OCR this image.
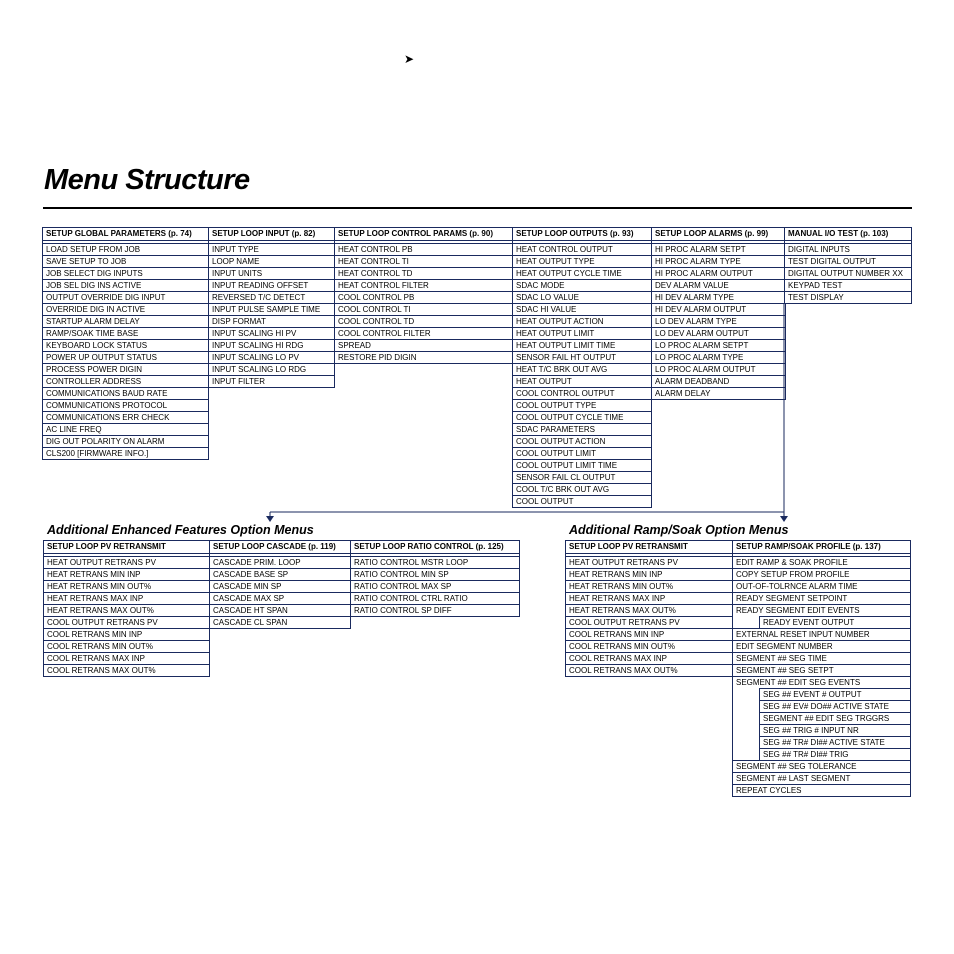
➤
Menu Structure
SETUP GLOBAL PARAMETERS (p. 74)
LOAD SETUP FROM JOB
SAVE SETUP TO JOB
JOB SELECT DIG INPUTS
JOB SEL DIG INS ACTIVE
OUTPUT OVERRIDE DIG INPUT
OVERRIDE DIG IN ACTIVE
STARTUP ALARM DELAY
RAMP/SOAK TIME BASE
KEYBOARD LOCK STATUS
POWER UP OUTPUT STATUS
PROCESS POWER DIGIN
CONTROLLER ADDRESS
COMMUNICATIONS BAUD RATE
COMMUNICATIONS PROTOCOL
COMMUNICATIONS ERR CHECK
AC LINE FREQ
DIG OUT POLARITY ON ALARM
CLS200 [FIRMWARE INFO.]
SETUP LOOP INPUT (p. 82)
INPUT TYPE
LOOP NAME
INPUT UNITS
INPUT READING OFFSET
REVERSED T/C DETECT
INPUT PULSE SAMPLE TIME
DISP FORMAT
INPUT SCALING HI PV
INPUT SCALING HI RDG
INPUT SCALING LO PV
INPUT SCALING LO RDG
INPUT FILTER
SETUP LOOP CONTROL PARAMS (p. 90)
HEAT CONTROL PB
HEAT CONTROL TI
HEAT CONTROL TD
HEAT CONTROL FILTER
COOL CONTROL PB
COOL CONTROL TI
COOL CONTROL TD
COOL CONTROL FILTER
SPREAD
RESTORE PID DIGIN
SETUP LOOP OUTPUTS (p. 93)
HEAT CONTROL OUTPUT
HEAT OUTPUT TYPE
HEAT OUTPUT CYCLE TIME
SDAC MODE
SDAC LO VALUE
SDAC HI VALUE
HEAT OUTPUT ACTION
HEAT OUTPUT LIMIT
HEAT OUTPUT LIMIT TIME
SENSOR FAIL HT OUTPUT
HEAT T/C BRK OUT AVG
HEAT OUTPUT
COOL CONTROL OUTPUT
COOL OUTPUT TYPE
COOL OUTPUT CYCLE TIME
SDAC PARAMETERS
COOL OUTPUT ACTION
COOL OUTPUT LIMIT
COOL OUTPUT LIMIT TIME
SENSOR FAIL CL OUTPUT
COOL T/C BRK OUT AVG
COOL OUTPUT
SETUP LOOP ALARMS (p. 99)
HI PROC ALARM SETPT
HI PROC ALARM TYPE
HI PROC ALARM OUTPUT
DEV ALARM VALUE
HI DEV ALARM TYPE
HI DEV ALARM OUTPUT
LO DEV ALARM TYPE
LO DEV ALARM OUTPUT
LO PROC ALARM SETPT
LO PROC ALARM TYPE
LO PROC ALARM OUTPUT
ALARM DEADBAND
ALARM DELAY
MANUAL I/O TEST (p. 103)
DIGITAL INPUTS
TEST DIGITAL OUTPUT
DIGITAL OUTPUT NUMBER XX
KEYPAD TEST
TEST DISPLAY
Additional Enhanced Features Option Menus
SETUP LOOP PV RETRANSMIT
HEAT OUTPUT RETRANS PV
HEAT RETRANS MIN INP
HEAT RETRANS MIN OUT%
HEAT RETRANS MAX INP
HEAT RETRANS MAX OUT%
COOL OUTPUT RETRANS PV
COOL RETRANS MIN INP
COOL RETRANS MIN OUT%
COOL RETRANS MAX INP
COOL RETRANS MAX OUT%
SETUP LOOP CASCADE (p. 119)
CASCADE PRIM. LOOP
CASCADE BASE SP
CASCADE MIN SP
CASCADE MAX SP
CASCADE HT SPAN
CASCADE CL SPAN
SETUP LOOP RATIO CONTROL (p. 125)
RATIO CONTROL MSTR LOOP
RATIO CONTROL MIN SP
RATIO CONTROL MAX SP
RATIO CONTROL CTRL RATIO
RATIO CONTROL SP DIFF
Additional Ramp/Soak Option Menus
SETUP LOOP PV RETRANSMIT
HEAT OUTPUT RETRANS PV
HEAT RETRANS MIN INP
HEAT RETRANS MIN OUT%
HEAT RETRANS MAX INP
HEAT RETRANS MAX OUT%
COOL OUTPUT RETRANS PV
COOL RETRANS MIN INP
COOL RETRANS MIN OUT%
COOL RETRANS MAX INP
COOL RETRANS MAX OUT%
SETUP RAMP/SOAK PROFILE (p. 137)
EDIT RAMP & SOAK PROFILE
COPY SETUP FROM PROFILE
OUT-OF-TOLRNCE ALARM TIME
READY SEGMENT SETPOINT
READY SEGMENT EDIT EVENTS
READY EVENT OUTPUT
EXTERNAL RESET INPUT NUMBER
EDIT SEGMENT NUMBER
SEGMENT ## SEG TIME
SEGMENT ## SEG SETPT
SEGMENT ## EDIT SEG EVENTS
SEG ## EVENT # OUTPUT
SEG ## EV# DO## ACTIVE STATE
SEGMENT ## EDIT SEG TRGGRS
SEG ## TRIG # INPUT NR
SEG ## TR# DI## ACTIVE STATE
SEG ## TR# DI## TRIG
SEGMENT ## SEG TOLERANCE
SEGMENT ## LAST SEGMENT
REPEAT CYCLES
